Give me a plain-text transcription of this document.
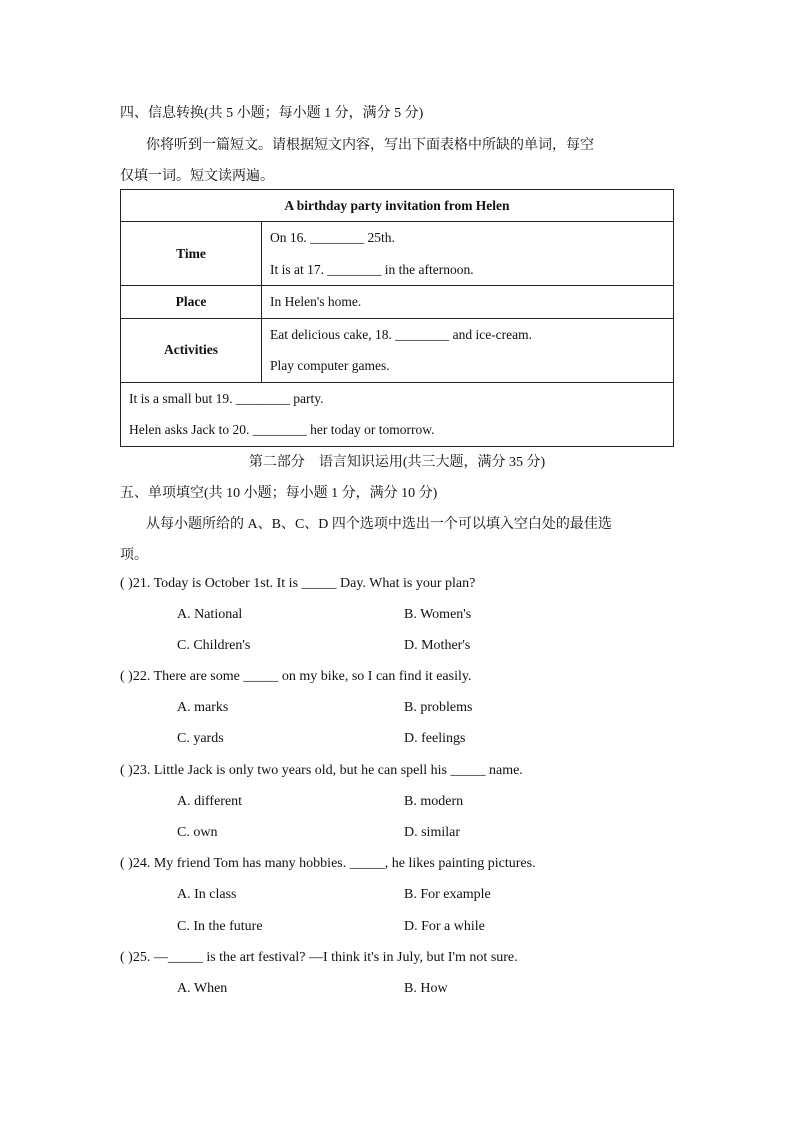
四、信息转换(共 5 小题；每小题 1 分，满分 5 分)
你将听到一篇短文。请根据短文内容，写出下面表格中所缺的单词，每空
仅填一词。短文读两遍。
A birthday party invitation from Helen	
Time	On 16. ________ 25th.
It is at 17. ________ in the afternoon.

Place	In Helen's home.
Activities	Eat delicious cake, 18. ________ and ice-cream.
Play computer games.

It is a small but 19. ________ party.
Helen asks Jack to 20. ________ her today or tomorrow.	
第二部分　语言知识运用(共三大题，满分 35 分)
五、单项填空(共 10 小题；每小题 1 分，满分 10 分)
从每小题所给的 A、B、C、D 四个选项中选出一个可以填入空白处的最佳选
项。
( )21. Today is October 1st. It is _____ Day. What is your plan?
A. National	B. Women's
C. Children's	D. Mother's
( )22. There are some _____ on my bike, so I can find it easily.
A. marks	B. problems
C. yards	D. feelings
( )23. Little Jack is only two years old, but he can spell his _____ name.
A. different	B. modern
C. own	D. similar
( )24. My friend Tom has many hobbies. _____, he likes painting pictures.
A. In class	B. For example
C. In the future	D. For a while
( )25. —_____ is the art festival? —I think it's in July, but I'm not sure.
A. When	B. How
